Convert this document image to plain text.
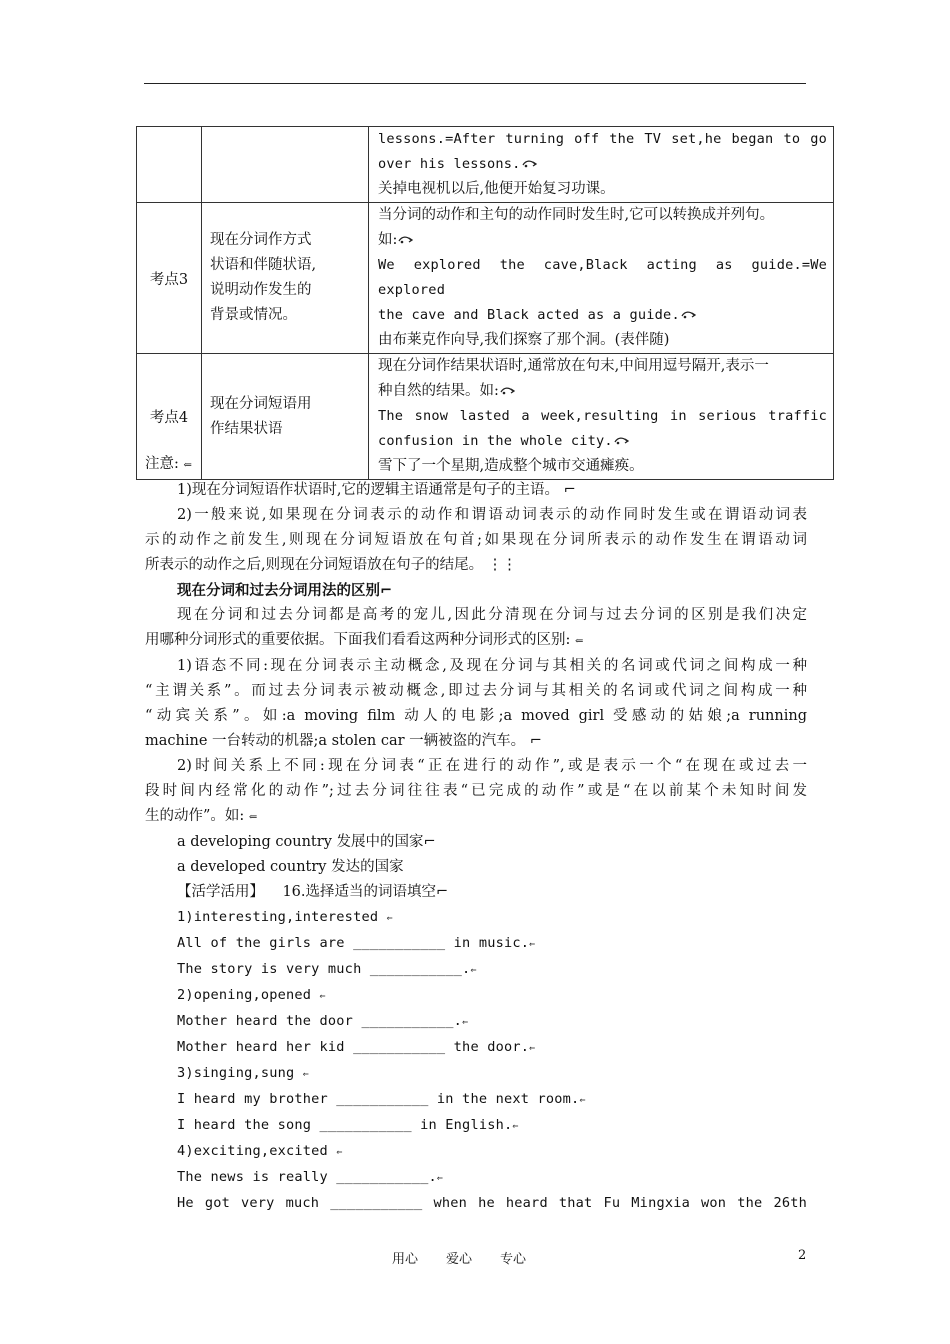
		lessons.=After turning off the TV set,he began to go
over his lessons.

关掉电视机以后,他便开始复习功课。
考点3	现在分词作方式
状语和伴随状语,
说明动作发生的
背景或情况。	当分词的动作和主句的动作同时发生时,它可以转换成并列句。
如:

We explored the cave,Black acting as guide.=We explored
the cave and Black acted as a guide.

由布莱克作向导,我们探察了那个洞。(表伴随)
考点4	现在分词短语用
作结果状语	现在分词作结果状语时,通常放在句末,中间用逗号隔开,表示一
种自然的结果。如:

The snow lasted a week,resulting in serious traffic
confusion in the whole city.

雪下了一个星期,造成整个城市交通瘫痪。

注意: ⇐

1)现在分词短语作状语时,它的逻辑主语通常是句子的主语。 ⌐

2)一般来说,如果现在分词表示的动作和谓语动词表示的动作同时发生或在谓语动词表

示的动作之前发生,则现在分词短语放在句首;如果现在分词所表示的动作发生在谓语动词

所表示的动作之后,则现在分词短语放在句子的结尾。 ⋮⋮

现在分词和过去分词用法的区别⌐

现在分词和过去分词都是高考的宠儿,因此分清现在分词与过去分词的区别是我们决定

用哪种分词形式的重要依据。下面我们看看这两种分词形式的区别: ⇐

1)语态不同:现在分词表示主动概念,及现在分词与其相关的名词或代词之间构成一种

“主谓关系”。而过去分词表示被动概念,即过去分词与其相关的名词或代词之间构成一种

“动宾关系”。如:a moving film 动人的电影;a moved girl 受感动的姑娘;a running

machine 一台转动的机器;a stolen car 一辆被盗的汽车。 ⌐

2)时间关系上不同:现在分词表“正在进行的动作”,或是表示一个“在现在或过去一

段时间内经常化的动作”;过去分词往往表“已完成的动作”或是“在以前某个未知时间发

生的动作”。如: ⇐

a developing country 发展中的国家⌐

a developed country 发达的国家

【活学活用】 16.选择适当的词语填空⌐

1)interesting,interested ⇐

All of the girls are ___________ in music.⇐

The story is very much ___________.⇐

2)opening,opened ⇐

Mother heard the door ___________.⇐

Mother heard her kid ___________ the door.⇐

3)singing,sung ⇐

I heard my brother ___________ in the next room.⇐

I heard the song ___________ in English.⇐

4)exciting,excited ⇐

The news is really ___________.⇐

He got very much ___________ when he heard that Fu Mingxia won the 26th

用心 爱心 专心	2
